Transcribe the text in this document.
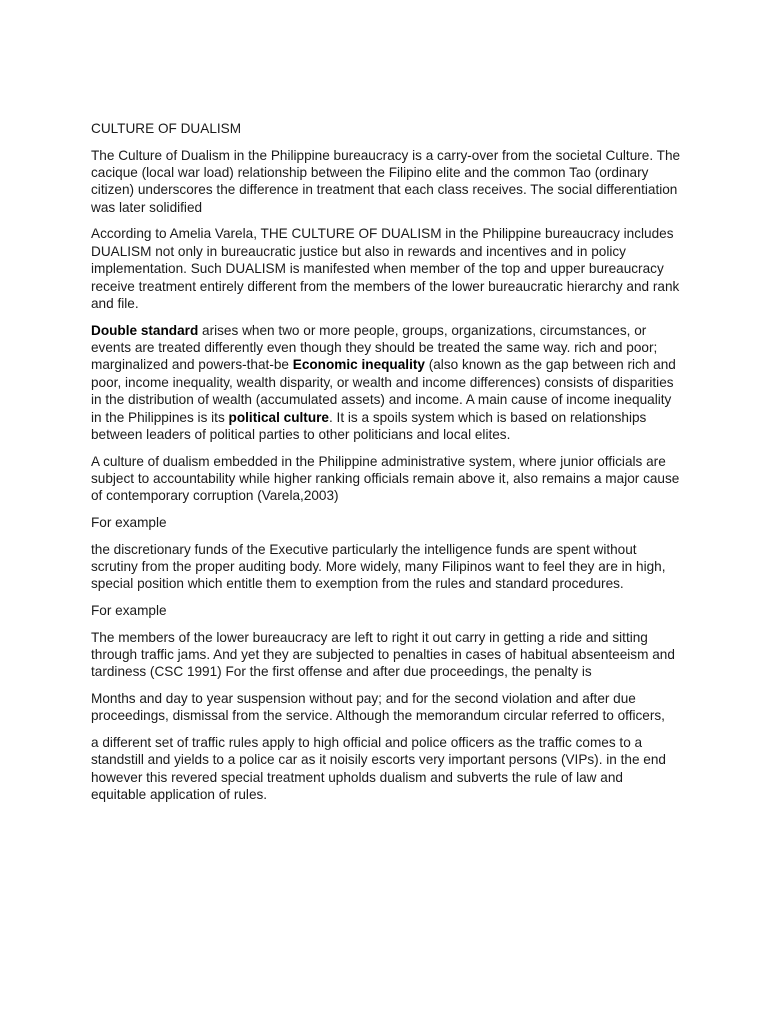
CULTURE OF DUALISM

The Culture of Dualism in the Philippine bureaucracy is a carry-over from the societal Culture. The cacique (local war load) relationship between the Filipino elite and the common Tao (ordinary citizen) underscores the difference in treatment that each class receives. The social differentiation was later solidified

According to Amelia Varela, THE CULTURE OF DUALISM in the Philippine bureaucracy includes DUALISM not only in bureaucratic justice but also in rewards and incentives and in policy implementation. Such DUALISM is manifested when member of the top and upper bureaucracy receive treatment entirely different from the members of the lower bureaucratic hierarchy and rank and file.

Double standard arises when two or more people, groups, organizations, circumstances, or events are treated differently even though they should be treated the same way. rich and poor; marginalized and powers-that-be Economic inequality (also known as the gap between rich and poor, income inequality, wealth disparity, or wealth and income differences) consists of disparities in the distribution of wealth (accumulated assets) and income. A main cause of income inequality in the Philippines is its political culture. It is a spoils system which is based on relationships between leaders of political parties to other politicians and local elites.

A culture of dualism embedded in the Philippine administrative system, where junior officials are subject to accountability while higher ranking officials remain above it, also remains a major cause of contemporary corruption (Varela,2003)

For example

the discretionary funds of the Executive particularly the intelligence funds are spent without scrutiny from the proper auditing body. More widely, many Filipinos want to feel they are in high, special position which entitle them to exemption from the rules and standard procedures.

For example

The members of the lower bureaucracy are left to right it out carry in getting a ride and sitting through traffic jams. And yet they are subjected to penalties in cases of habitual absenteeism and tardiness (CSC 1991) For the first offense and after due proceedings, the penalty is

Months and day to year suspension without pay; and for the second violation and after due proceedings, dismissal from the service. Although the memorandum circular referred to officers,

a different set of traffic rules apply to high official and police officers as the traffic comes to a standstill and yields to a police car as it noisily escorts very important persons (VIPs). in the end however this revered special treatment upholds dualism and subverts the rule of law and equitable application of rules.
